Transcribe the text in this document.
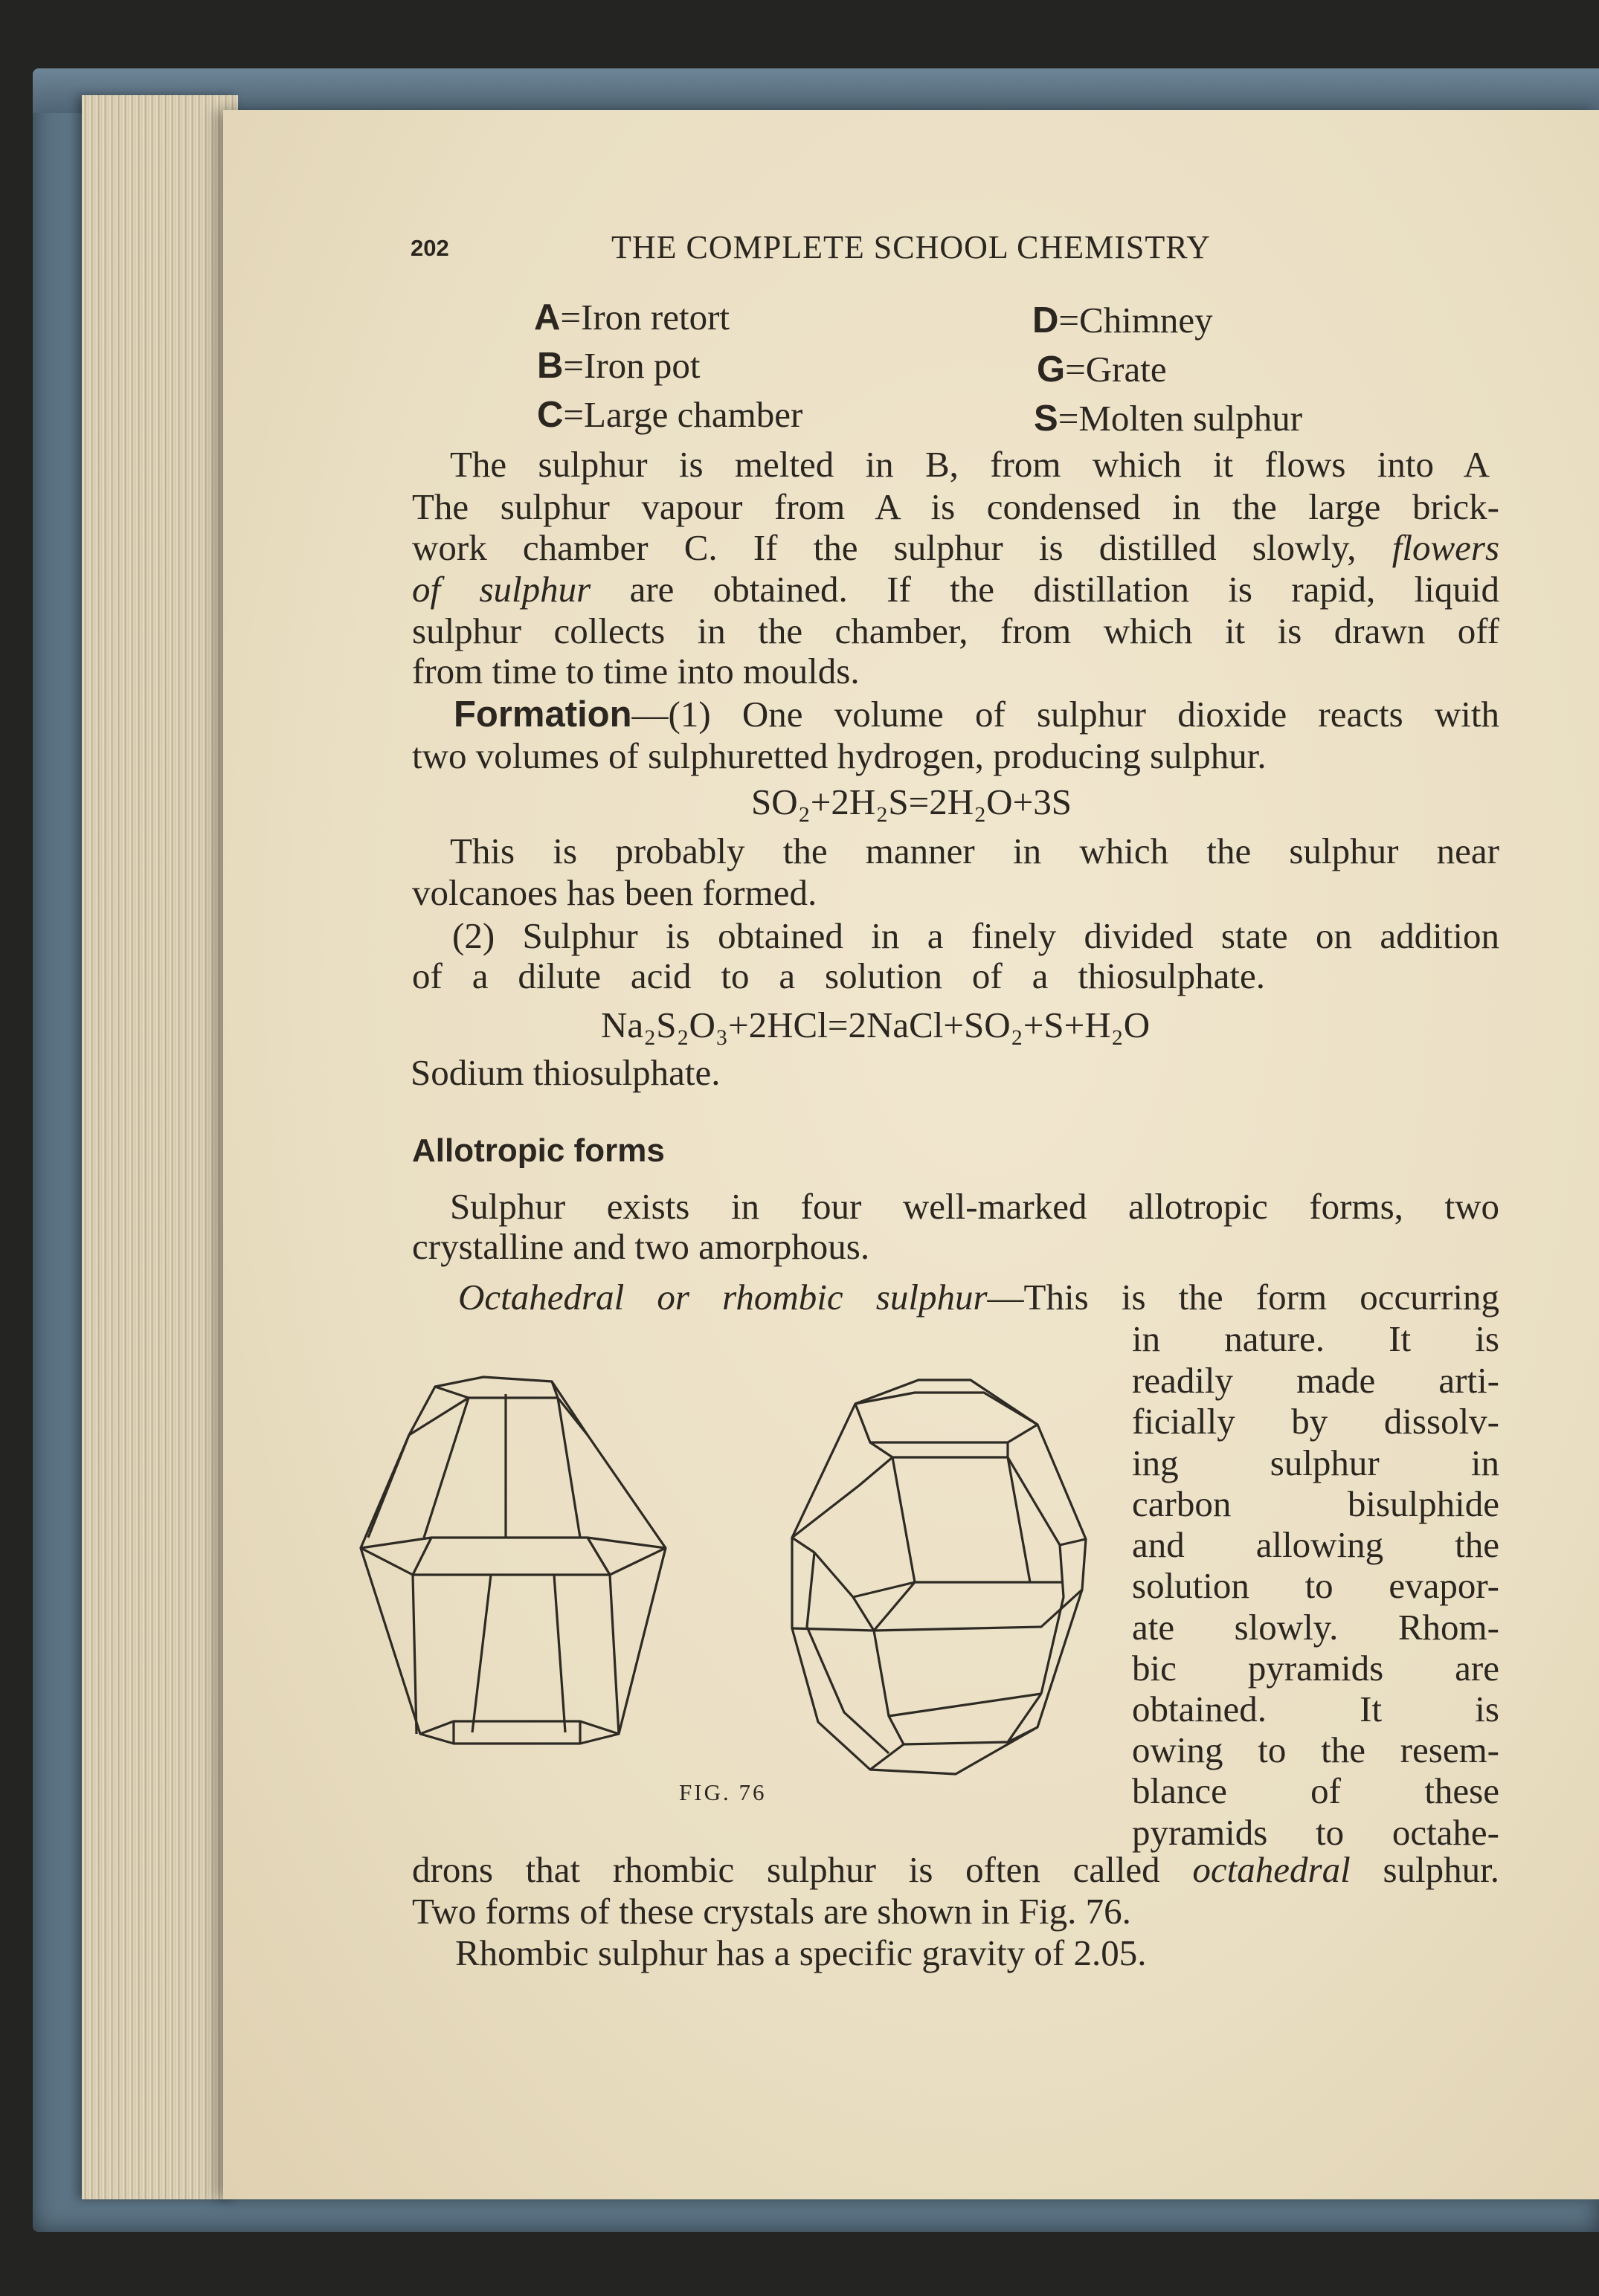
202	THE COMPLETE SCHOOL CHEMISTRY
A=Iron retort
B=Iron pot
C=Large chamber
D=Chimney
G=Grate
S=Molten sulphur
The sulphur is melted in B, from which it flows into A
The sulphur vapour from A is condensed in the large brick-
work chamber C. If the sulphur is distilled slowly, flowers
of sulphur are obtained. If the distillation is rapid, liquid
sulphur collects in the chamber, from which it is drawn off
from time to time into moulds.
Formation—(1) One volume of sulphur dioxide reacts with
two volumes of sulphuretted hydrogen, producing sulphur.
SO₂+2H₂S=2H₂O+3S
This is probably the manner in which the sulphur near
volcanoes has been formed.
(2) Sulphur is obtained in a finely divided state on addition
of a dilute acid to a solution of a thiosulphate.
Na₂S₂O₃+2HCl=2NaCl+SO₂+S+H₂O
Sodium thiosulphate.
Allotropic forms
Sulphur exists in four well-marked allotropic forms, two
crystalline and two amorphous.
Octahedral or rhombic sulphur—This is the form occurring
in nature. It is
readily made arti-
ficially by dissolv-
ing sulphur in
carbon bisulphide
and allowing the
solution to evapor-
ate slowly. Rhom-
bic pyramids are
obtained. It is
owing to the resem-
blance of these
pyramids to octahe-
FIG. 76
drons that rhombic sulphur is often called octahedral sulphur.
Two forms of these crystals are shown in Fig. 76.
Rhombic sulphur has a specific gravity of 2.05.
